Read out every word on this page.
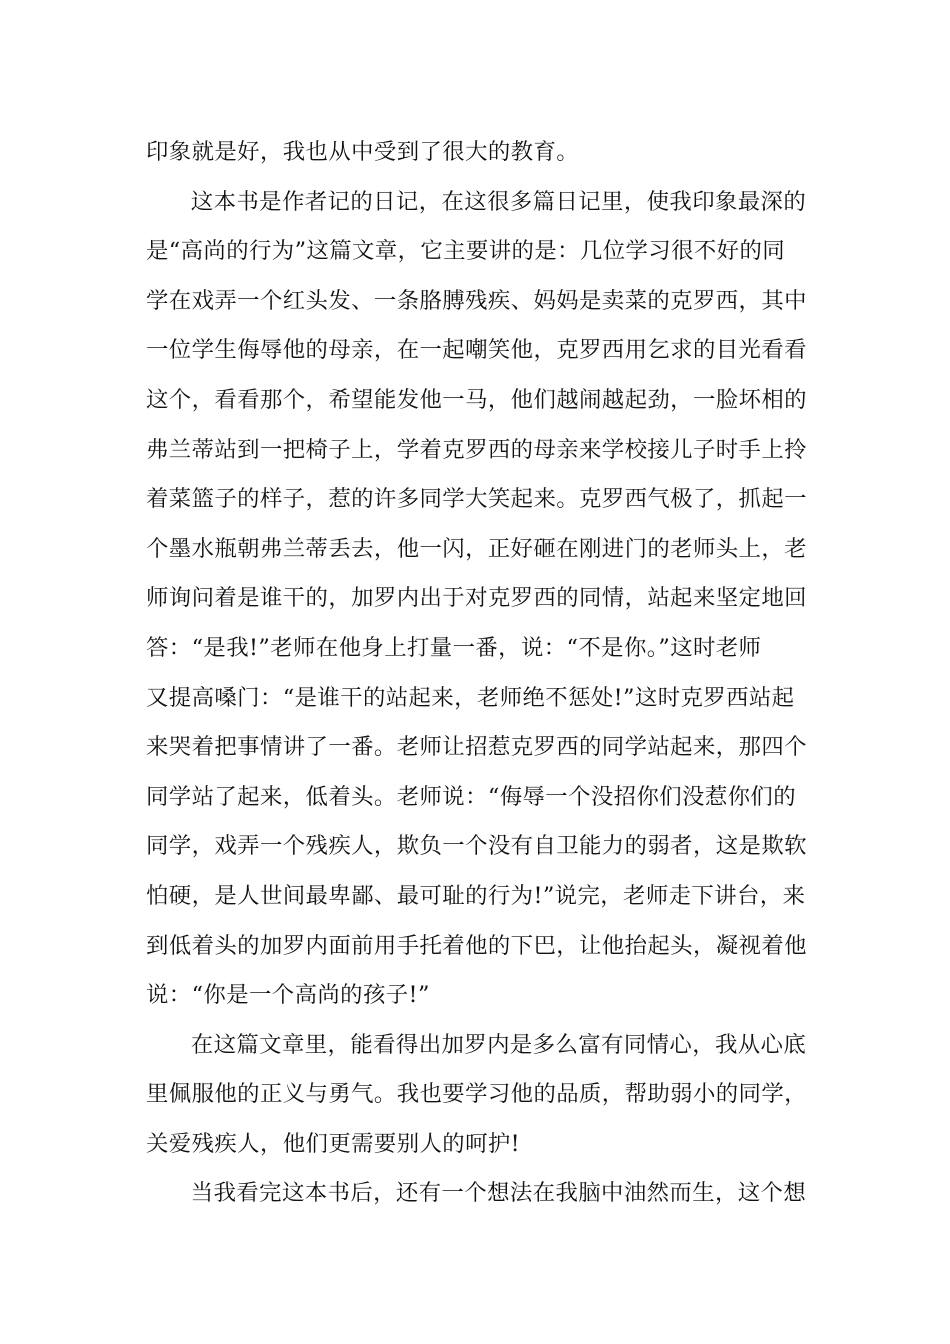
印象就是好，我也从中受到了很大的教育。
这本书是作者记的日记，在这很多篇日记里，使我印象最深的
是“高尚的行为”这篇文章，它主要讲的是：几位学习很不好的同
学在戏弄一个红头发、一条胳膊残疾、妈妈是卖菜的克罗西，其中
一位学生侮辱他的母亲，在一起嘲笑他，克罗西用乞求的目光看看
这个，看看那个，希望能发他一马，他们越闹越起劲，一脸坏相的
弗兰蒂站到一把椅子上，学着克罗西的母亲来学校接儿子时手上拎
着菜篮子的样子，惹的许多同学大笑起来。克罗西气极了，抓起一
个墨水瓶朝弗兰蒂丢去，他一闪，正好砸在刚进门的老师头上，老
师询问着是谁干的，加罗内出于对克罗西的同情，站起来坚定地回
答：“是我!”老师在他身上打量一番，说：“不是你。”这时老师
又提高嗓门：“是谁干的站起来，老师绝不惩处!”这时克罗西站起
来哭着把事情讲了一番。老师让招惹克罗西的同学站起来，那四个
同学站了起来，低着头。老师说：“侮辱一个没招你们没惹你们的
同学，戏弄一个残疾人，欺负一个没有自卫能力的弱者，这是欺软
怕硬，是人世间最卑鄙、最可耻的行为!”说完，老师走下讲台，来
到低着头的加罗内面前用手托着他的下巴，让他抬起头，凝视着他
说：“你是一个高尚的孩子!”
在这篇文章里，能看得出加罗内是多么富有同情心，我从心底
里佩服他的正义与勇气。我也要学习他的品质，帮助弱小的同学，
关爱残疾人，他们更需要别人的呵护!
当我看完这本书后，还有一个想法在我脑中油然而生，这个想
